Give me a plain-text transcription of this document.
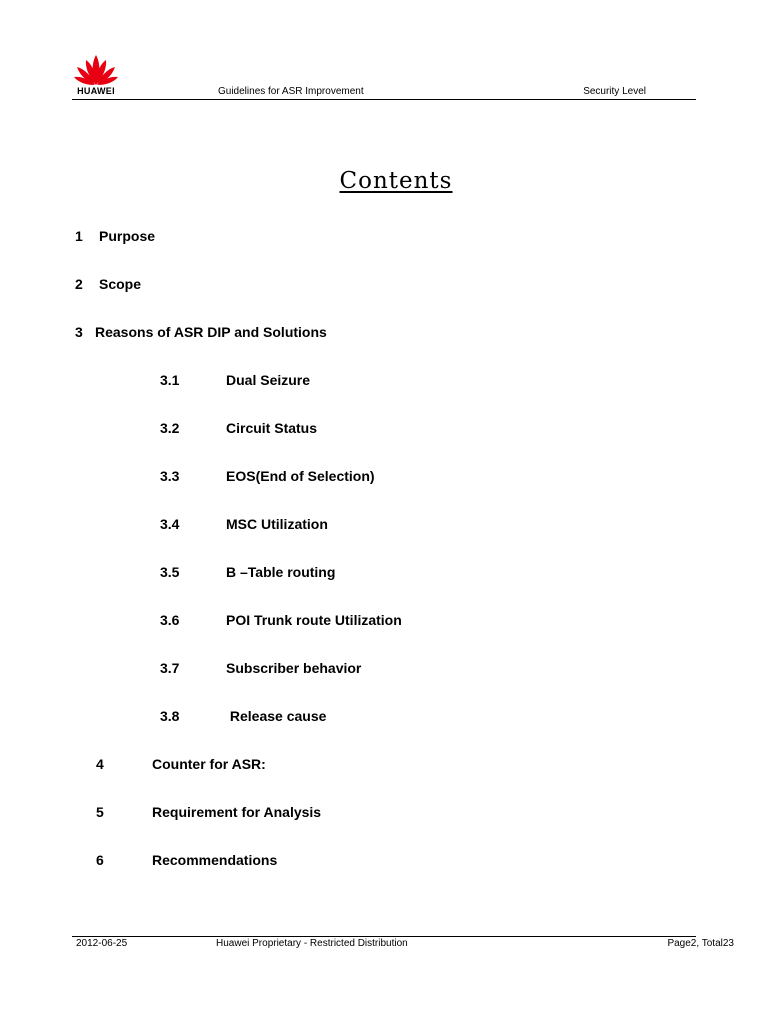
HUAWEI	Guidelines for ASR Improvement	Security Level
Contents
1 Purpose
2 Scope
3 Reasons of ASR DIP and Solutions
3.1	Dual Seizure
3.2	Circuit Status
3.3	EOS(End of Selection)
3.4	MSC Utilization
3.5	B –Table routing
3.6	POI Trunk route Utilization
3.7	Subscriber behavior
3.8	Release cause
4	Counter for ASR:
5	Requirement for Analysis
6	Recommendations
2012-06-25	Huawei Proprietary - Restricted Distribution	Page2, Total23
